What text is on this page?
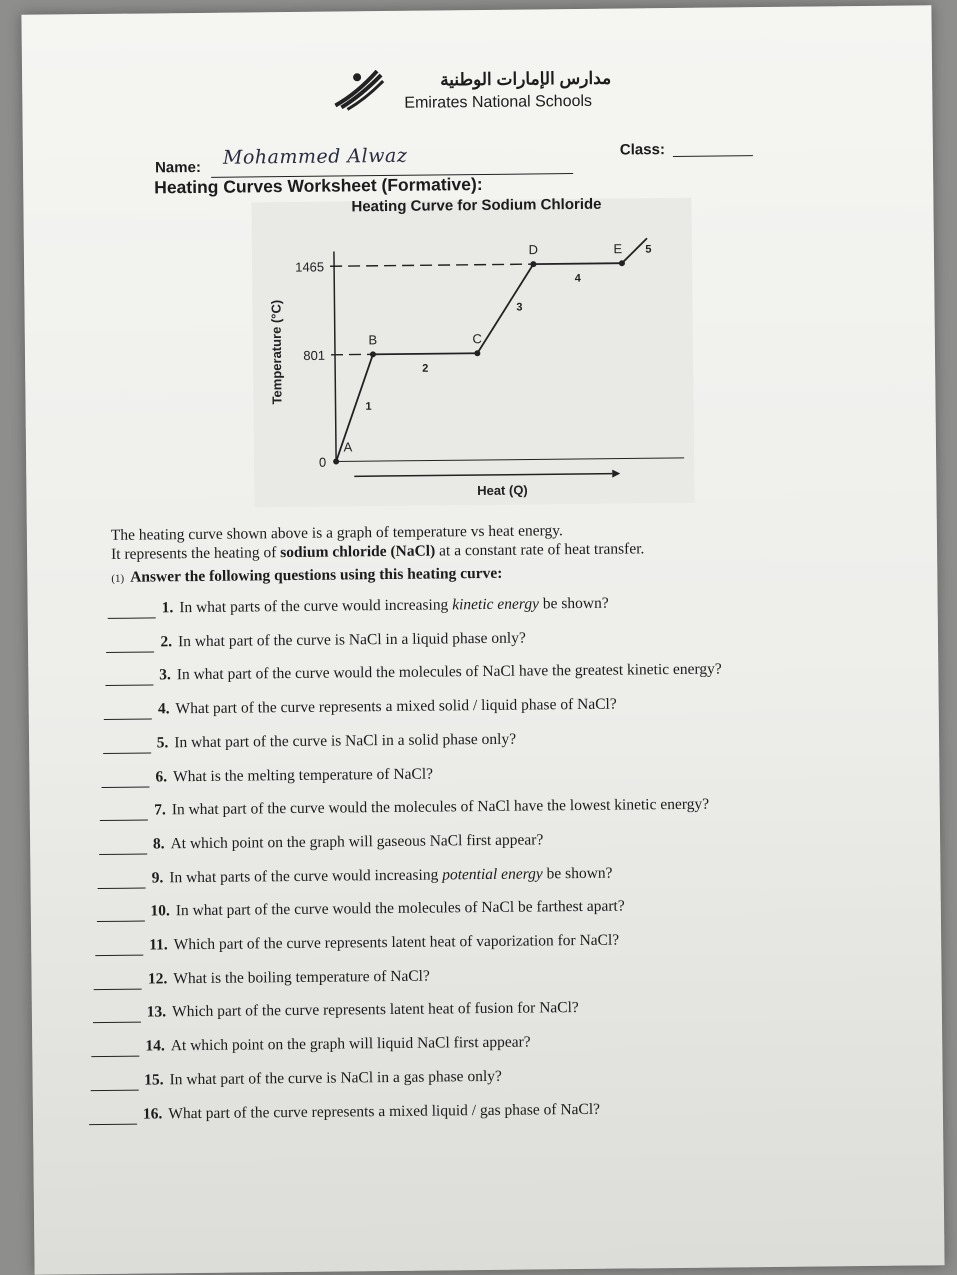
مدارس الإمارات الوطنية
Emirates National Schools
Name: Mohammed Alwaz	Class:
Heating Curves Worksheet (Formative):
Heating Curve for Sodium Chloride
Heat (Q)
Temperature (°C)
0
801
1465
1
2
3
4
5
A
B	C
D	E
The heating curve shown above is a graph of temperature vs heat energy.
It represents the heating of sodium chloride (NaCl) at a constant rate of heat transfer.
(1) Answer the following questions using this heating curve:
1. In what parts of the curve would increasing kinetic energy be shown?
2. In what part of the curve is NaCl in a liquid phase only?
3. In what part of the curve would the molecules of NaCl have the greatest kinetic energy?
4. What part of the curve represents a mixed solid / liquid phase of NaCl?
5. In what part of the curve is NaCl in a solid phase only?
6. What is the melting temperature of NaCl?
7. In what part of the curve would the molecules of NaCl have the lowest kinetic energy?
8. At which point on the graph will gaseous NaCl first appear?
9. In what parts of the curve would increasing potential energy be shown?
10. In what part of the curve would the molecules of NaCl be farthest apart?
11. Which part of the curve represents latent heat of vaporization for NaCl?
12. What is the boiling temperature of NaCl?
13. Which part of the curve represents latent heat of fusion for NaCl?
14. At which point on the graph will liquid NaCl first appear?
15. In what part of the curve is NaCl in a gas phase only?
16. What part of the curve represents a mixed liquid / gas phase of NaCl?
